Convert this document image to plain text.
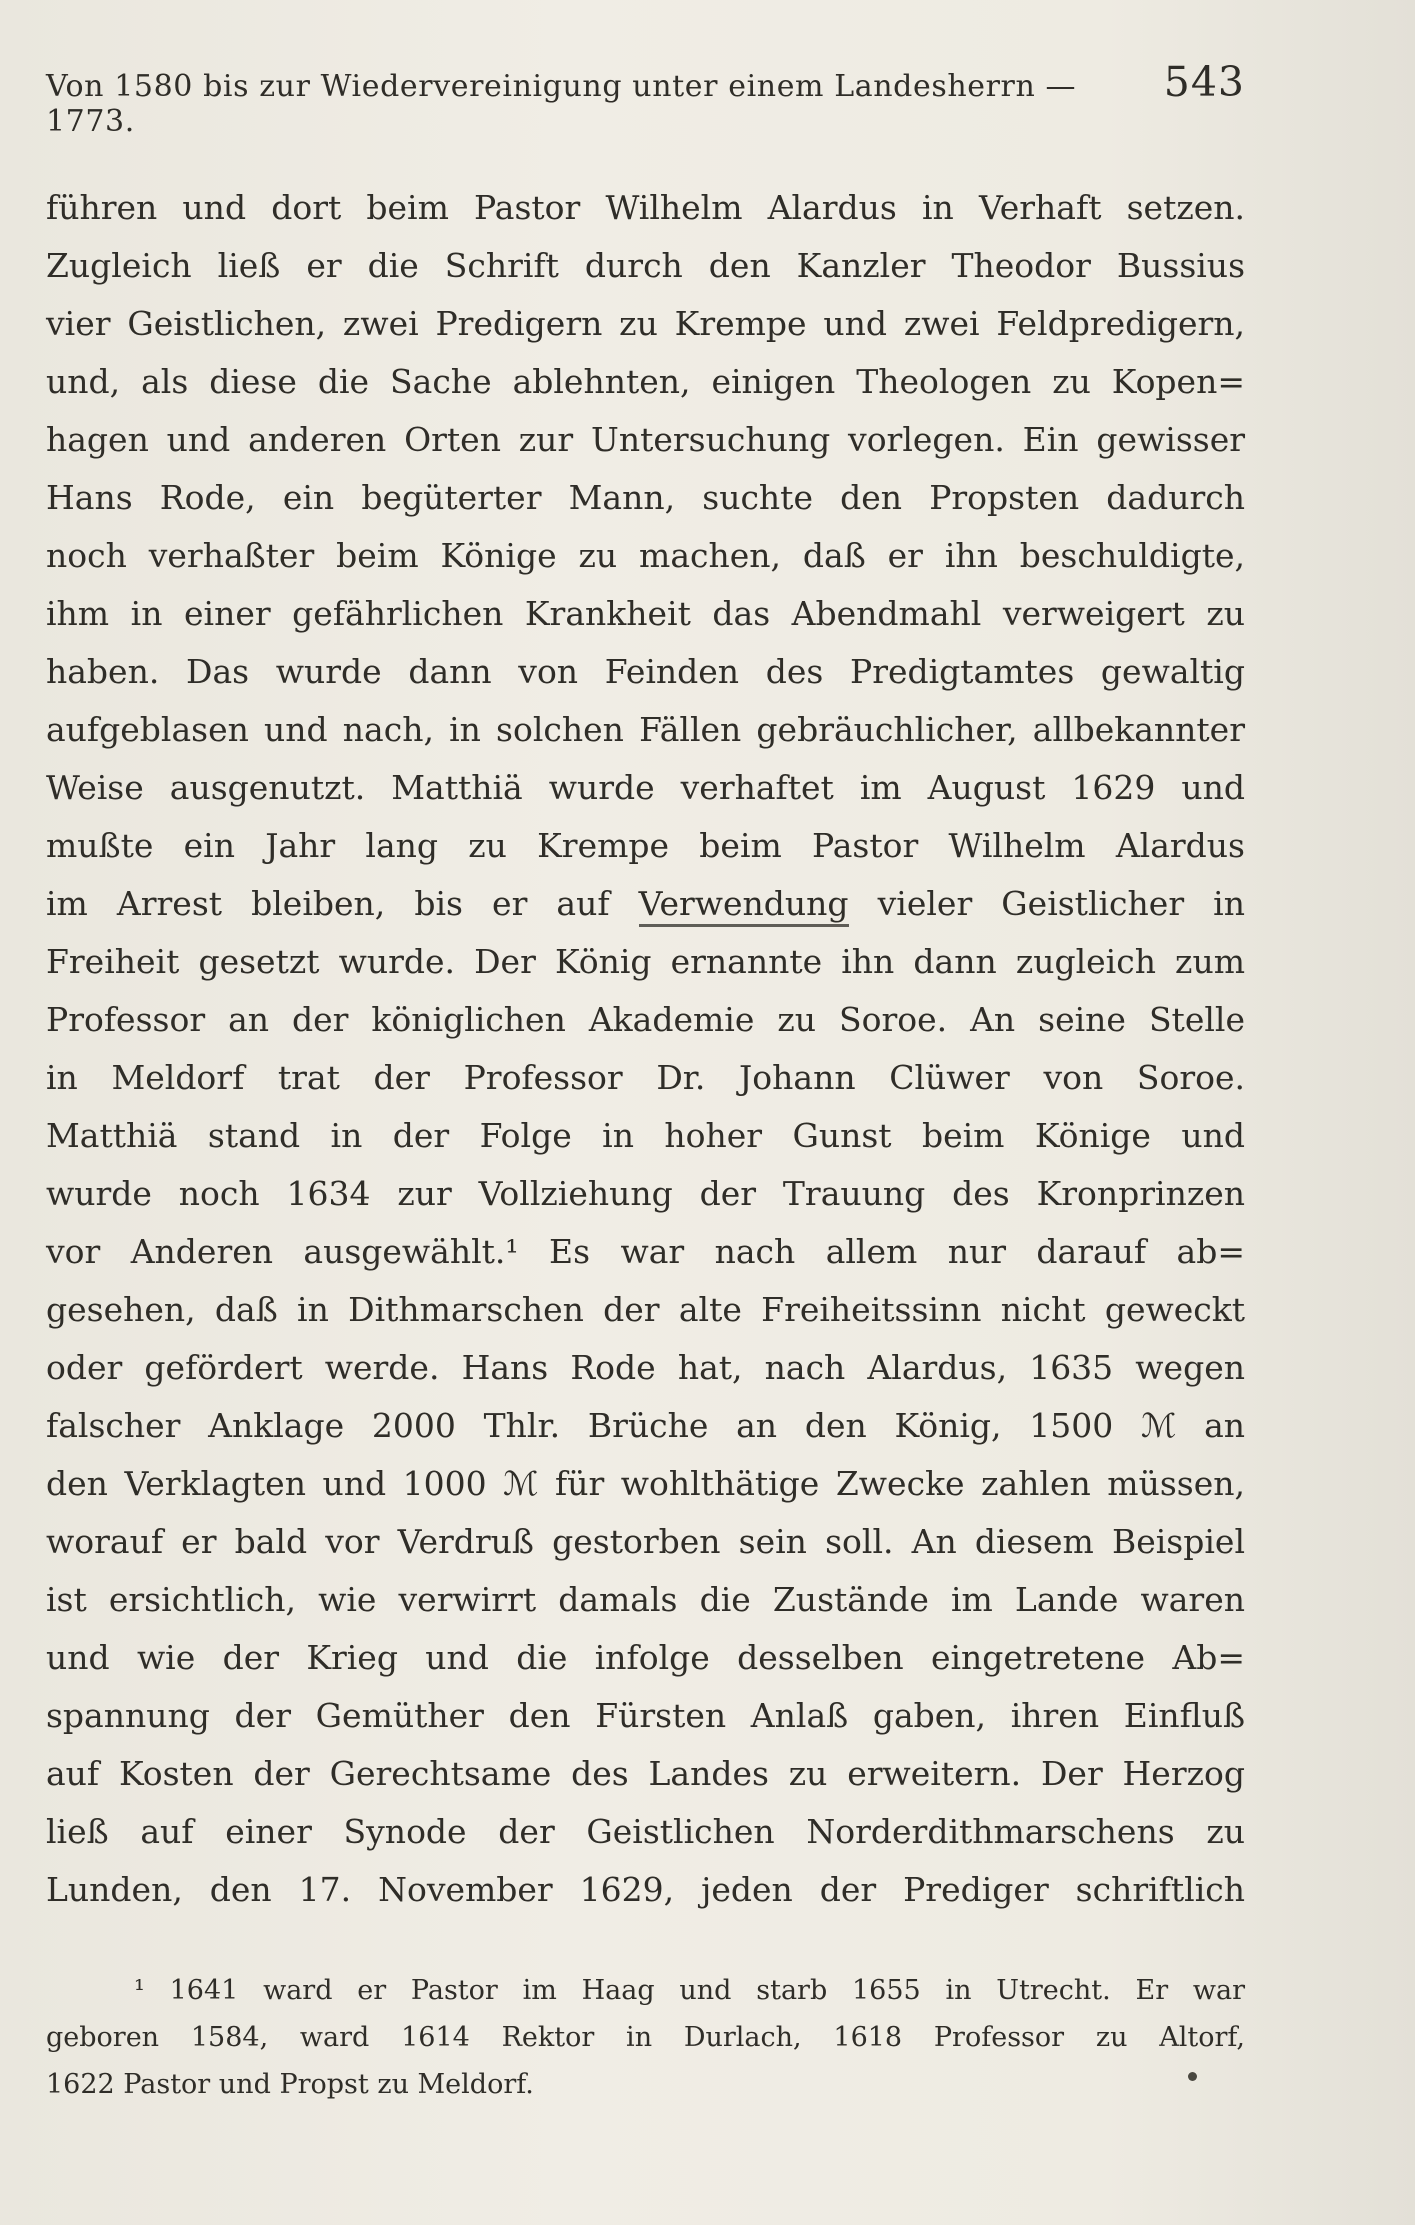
Von 1580 bis zur Wiedervereinigung unter einem Landesherrn — 1773.
543
führen und dort beim Pastor Wilhelm Alardus in Verhaft setzen.
Zugleich ließ er die Schrift durch den Kanzler Theodor Bussius
vier Geistlichen, zwei Predigern zu Krempe und zwei Feldpredigern,
und, als diese die Sache ablehnten, einigen Theologen zu Kopen=
hagen und anderen Orten zur Untersuchung vorlegen. Ein gewisser
Hans Rode, ein begüterter Mann, suchte den Propsten dadurch
noch verhaßter beim Könige zu machen, daß er ihn beschuldigte,
ihm in einer gefährlichen Krankheit das Abendmahl verweigert zu
haben. Das wurde dann von Feinden des Predigtamtes gewaltig
aufgeblasen und nach, in solchen Fällen gebräuchlicher, allbekannter
Weise ausgenutzt. Matthiä wurde verhaftet im August 1629 und
mußte ein Jahr lang zu Krempe beim Pastor Wilhelm Alardus
im Arrest bleiben, bis er auf Verwendung vieler Geistlicher in
Freiheit gesetzt wurde. Der König ernannte ihn dann zugleich zum
Professor an der königlichen Akademie zu Soroe. An seine Stelle
in Meldorf trat der Professor Dr. Johann Clüwer von Soroe.
Matthiä stand in der Folge in hoher Gunst beim Könige und
wurde noch 1634 zur Vollziehung der Trauung des Kronprinzen
vor Anderen ausgewählt.¹ Es war nach allem nur darauf ab=
gesehen, daß in Dithmarschen der alte Freiheitssinn nicht geweckt
oder gefördert werde. Hans Rode hat, nach Alardus, 1635 wegen
falscher Anklage 2000 Thlr. Brüche an den König, 1500 ℳ an
den Verklagten und 1000 ℳ für wohlthätige Zwecke zahlen müssen,
worauf er bald vor Verdruß gestorben sein soll. An diesem Beispiel
ist ersichtlich, wie verwirrt damals die Zustände im Lande waren
und wie der Krieg und die infolge desselben eingetretene Ab=
spannung der Gemüther den Fürsten Anlaß gaben, ihren Einfluß
auf Kosten der Gerechtsame des Landes zu erweitern. Der Herzog
ließ auf einer Synode der Geistlichen Norderdithmarschens zu
Lunden, den 17. November 1629, jeden der Prediger schriftlich
¹ 1641 ward er Pastor im Haag und starb 1655 in Utrecht. Er war
geboren 1584, ward 1614 Rektor in Durlach, 1618 Professor zu Altorf,
1622 Pastor und Propst zu Meldorf.
